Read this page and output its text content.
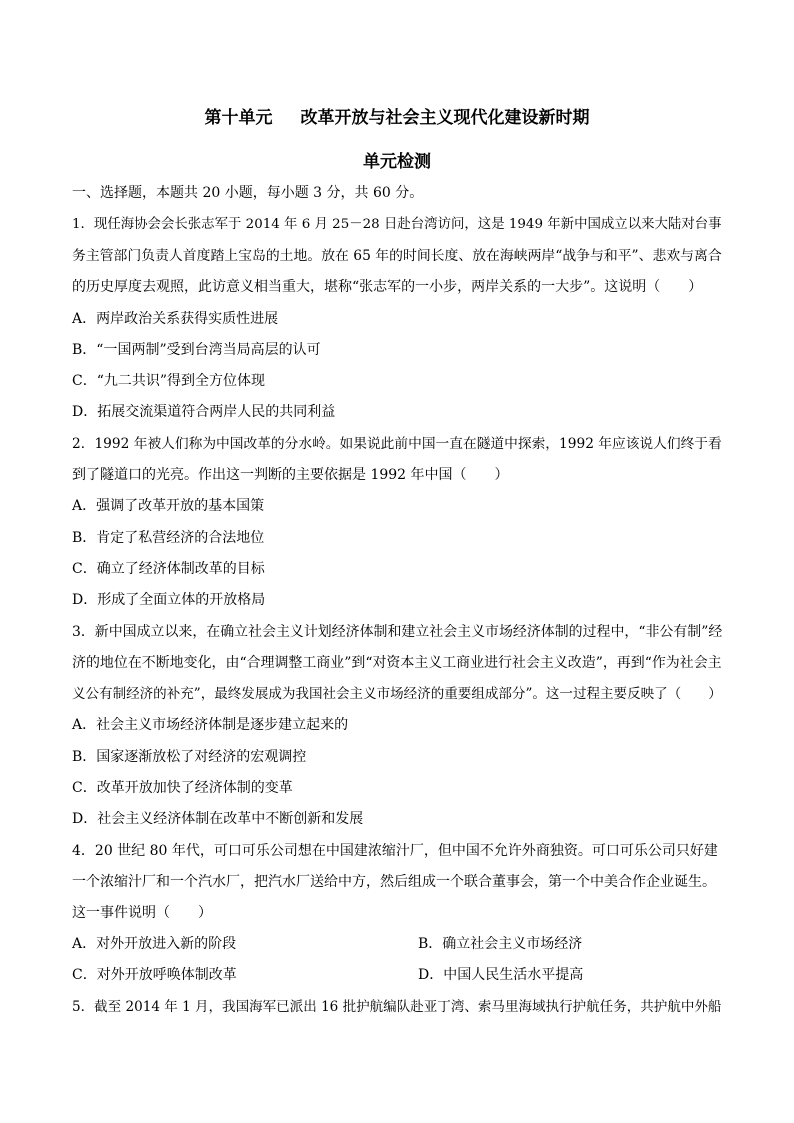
第十单元 改革开放与社会主义现代化建设新时期
单元检测
一、选择题，本题共 20 小题，每小题 3 分，共 60 分。
1．现任海协会会长张志军于 2014 年 6 月 25－28 日赴台湾访问，这是 1949 年新中国成立以来大陆对台事
务主管部门负责人首度踏上宝岛的土地。放在 65 年的时间长度、放在海峡两岸“战争与和平”、悲欢与离合
的历史厚度去观照，此访意义相当重大，堪称“张志军的一小步，两岸关系的一大步”。这说明（　　）
A．两岸政治关系获得实质性进展
B．“一国两制”受到台湾当局高层的认可
C．“九二共识”得到全方位体现
D．拓展交流渠道符合两岸人民的共同利益
2．1992 年被人们称为中国改革的分水岭。如果说此前中国一直在隧道中探索，1992 年应该说人们终于看
到了隧道口的光亮。作出这一判断的主要依据是 1992 年中国（　　）
A．强调了改革开放的基本国策
B．肯定了私营经济的合法地位
C．确立了经济体制改革的目标
D．形成了全面立体的开放格局
3．新中国成立以来，在确立社会主义计划经济体制和建立社会主义市场经济体制的过程中，“非公有制”经
济的地位在不断地变化，由“合理调整工商业”到“对资本主义工商业进行社会主义改造”，再到“作为社会主
义公有制经济的补充”，最终发展成为我国社会主义市场经济的重要组成部分”。这一过程主要反映了（　　）
A．社会主义市场经济体制是逐步建立起来的
B．国家逐渐放松了对经济的宏观调控
C．改革开放加快了经济体制的变革
D．社会主义经济体制在改革中不断创新和发展
4．20 世纪 80 年代，可口可乐公司想在中国建浓缩汁厂，但中国不允许外商独资。可口可乐公司只好建
一个浓缩汁厂和一个汽水厂，把汽水厂送给中方，然后组成一个联合董事会，第一个中美合作企业诞生。
这一事件说明（　　）
A．对外开放进入新的阶段	B．确立社会主义市场经济
C．对外开放呼唤体制改革	D．中国人民生活水平提高
5．截至 2014 年 1 月，我国海军已派出 16 批护航编队赴亚丁湾、索马里海域执行护航任务，共护航中外船
